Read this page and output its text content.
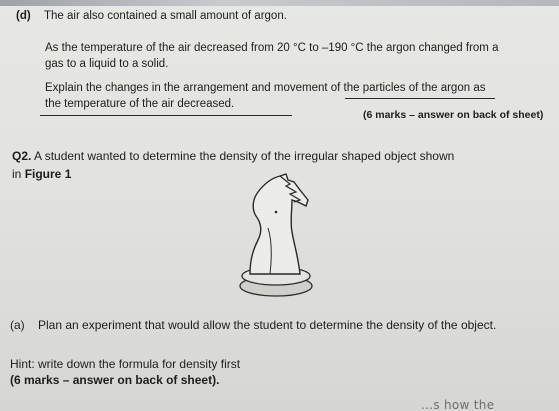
(d) The air also contained a small amount of argon.
As the temperature of the air decreased from 20 °C to –190 °C the argon changed from a
gas to a liquid to a solid.
Explain the changes in the arrangement and movement of the particles of the argon as
the temperature of the air decreased.
(6 marks – answer on back of sheet)
Q2. A student wanted to determine the density of the irregular shaped object shown
in Figure 1
(a) Plan an experiment that would allow the student to determine the density of the object.
Hint: write down the formula for density first
(6 marks – answer on back of sheet).
...s how the
